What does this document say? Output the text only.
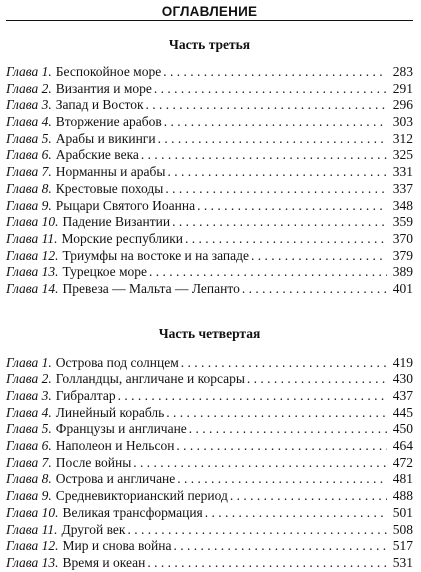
ОГЛАВЛЕНИЕ
Часть третья
Глава 1. Беспокойное море . . .	283
Глава 2. Византия и море . . .	291
Глава 3. Запад и Восток . . .	296
Глава 4. Вторжение арабов . . .	303
Глава 5. Арабы и викинги . . .	312
Глава 6. Арабские века . . .	325
Глава 7. Норманны и арабы . . .	331
Глава 8. Крестовые походы . . .	337
Глава 9. Рыцари Святого Иоанна . . .	348
Глава 10. Падение Византии . . .	359
Глава 11. Морские республики . . .	370
Глава 12. Триумфы на востоке и на западе . . .	379
Глава 13. Турецкое море . . .	389
Глава 14. Превеза — Мальта — Лепанто . . .	401
Часть четвертая
Глава 1. Острова под солнцем . . .	419
Глава 2. Голландцы, англичане и корсары . . .	430
Глава 3. Гибралтар . . .	437
Глава 4. Линейный корабль . . .	445
Глава 5. Французы и англичане . . .	450
Глава 6. Наполеон и Нельсон . . .	464
Глава 7. После войны . . .	472
Глава 8. Острова и англичане . . .	481
Глава 9. Средневикторианский период . . .	488
Глава 10. Великая трансформация . . .	501
Глава 11. Другой век . . .	508
Глава 12. Мир и снова война . . .	517
Глава 13. Время и океан . . .	531
